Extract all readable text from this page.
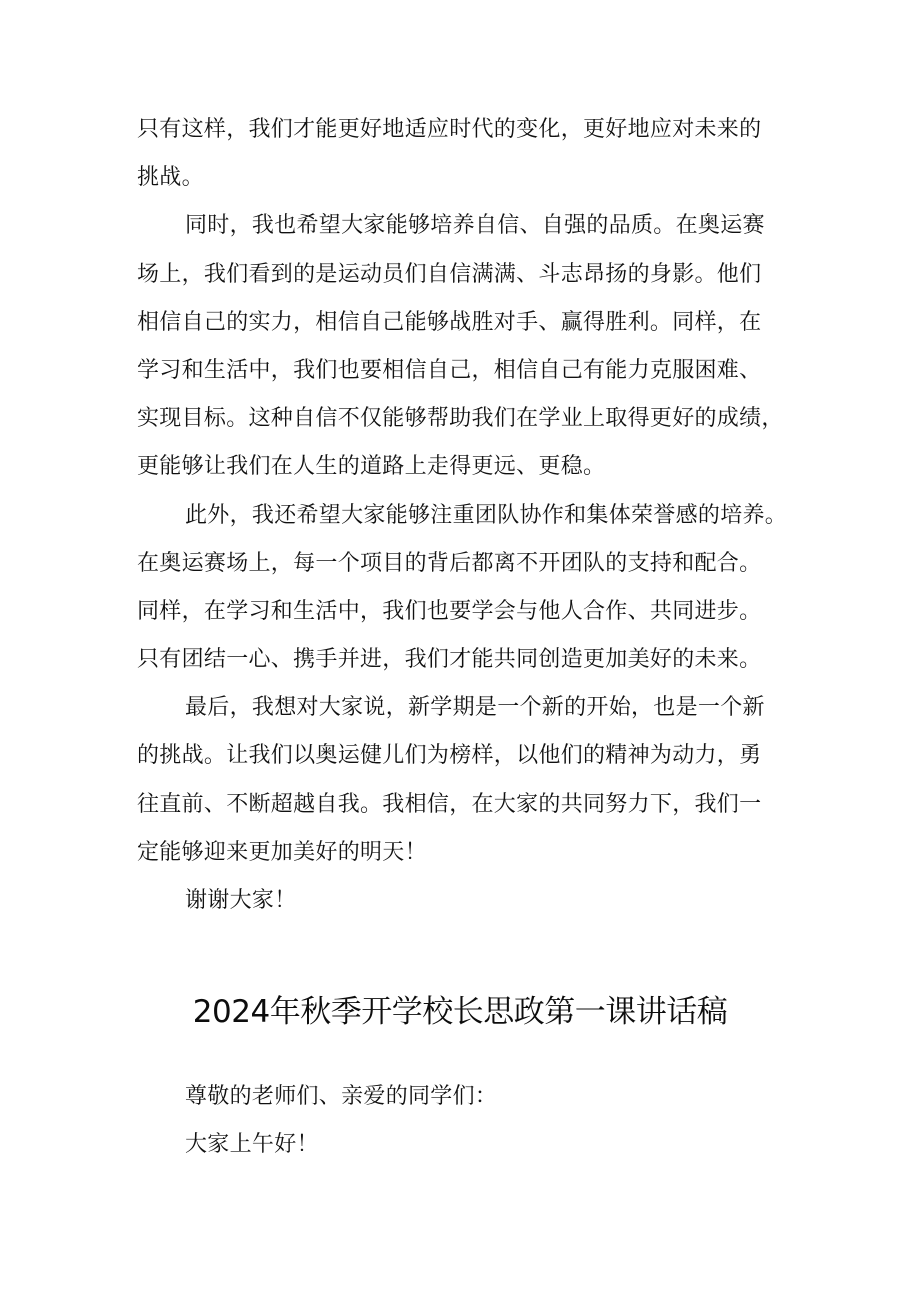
只有这样，我们才能更好地适应时代的变化，更好地应对未来的
挑战。
同时，我也希望大家能够培养自信、自强的品质。在奥运赛
场上，我们看到的是运动员们自信满满、斗志昂扬的身影。他们
相信自己的实力，相信自己能够战胜对手、赢得胜利。同样，在
学习和生活中，我们也要相信自己，相信自己有能力克服困难、
实现目标。这种自信不仅能够帮助我们在学业上取得更好的成绩，
更能够让我们在人生的道路上走得更远、更稳。
此外，我还希望大家能够注重团队协作和集体荣誉感的培养。
在奥运赛场上，每一个项目的背后都离不开团队的支持和配合。
同样，在学习和生活中，我们也要学会与他人合作、共同进步。
只有团结一心、携手并进，我们才能共同创造更加美好的未来。
最后，我想对大家说，新学期是一个新的开始，也是一个新
的挑战。让我们以奥运健儿们为榜样，以他们的精神为动力，勇
往直前、不断超越自我。我相信，在大家的共同努力下，我们一
定能够迎来更加美好的明天！
谢谢大家！
2024年秋季开学校长思政第一课讲话稿
尊敬的老师们、亲爱的同学们：
大家上午好！
